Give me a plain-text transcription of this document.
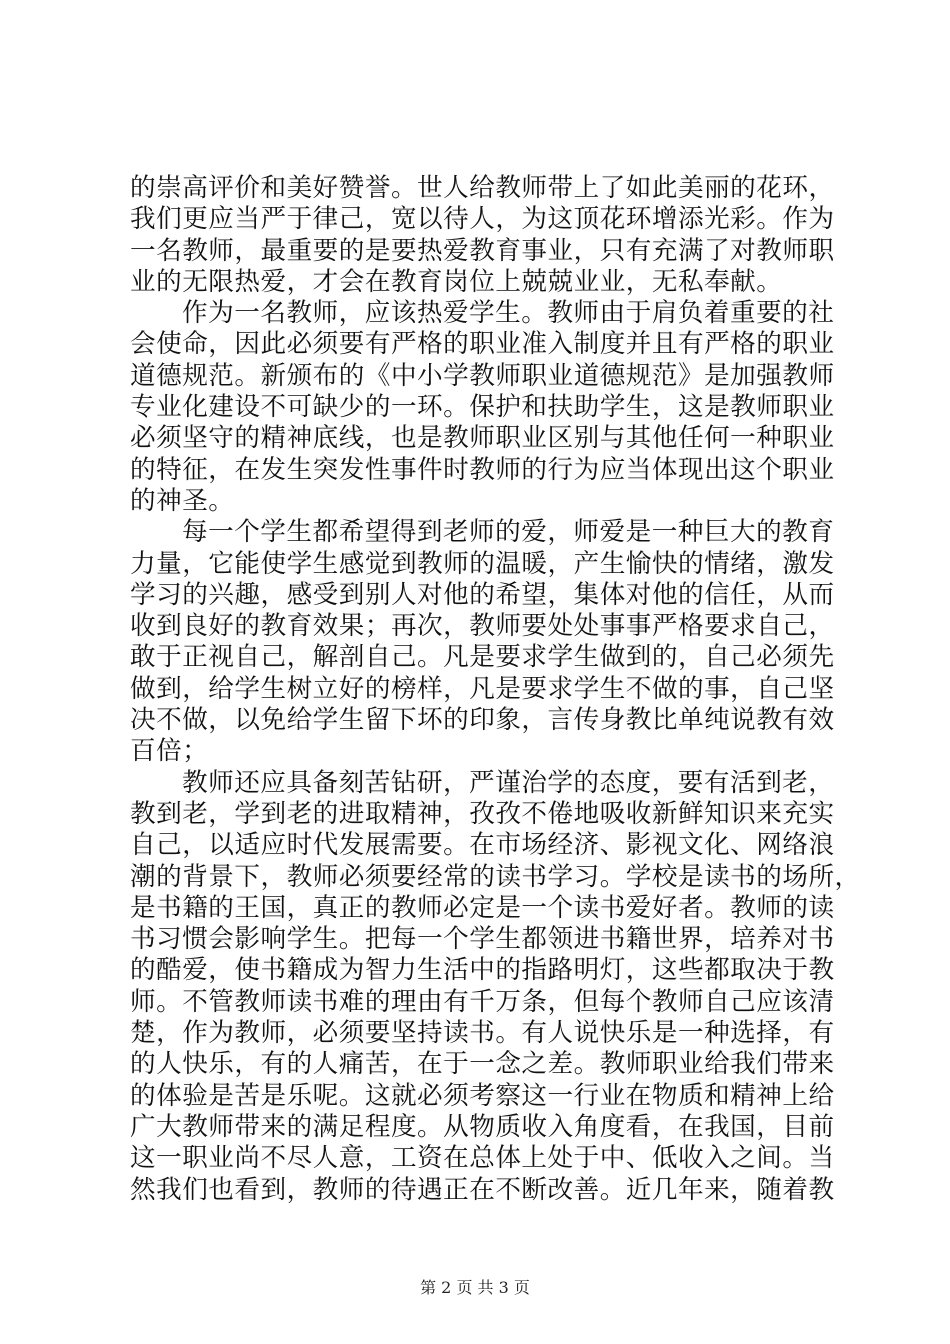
的崇高评价和美好赞誉。世人给教师带上了如此美丽的花环，
我们更应当严于律己，宽以待人，为这顶花环增添光彩。作为
一名教师，最重要的是要热爱教育事业，只有充满了对教师职
业的无限热爱，才会在教育岗位上兢兢业业，无私奉献。
作为一名教师，应该热爱学生。教师由于肩负着重要的社
会使命，因此必须要有严格的职业准入制度并且有严格的职业
道德规范。新颁布的《中小学教师职业道德规范》是加强教师
专业化建设不可缺少的一环。保护和扶助学生，这是教师职业
必须坚守的精神底线，也是教师职业区别与其他任何一种职业
的特征，在发生突发性事件时教师的行为应当体现出这个职业
的神圣。
每一个学生都希望得到老师的爱，师爱是一种巨大的教育
力量，它能使学生感觉到教师的温暖，产生愉快的情绪，激发
学习的兴趣，感受到别人对他的希望，集体对他的信任，从而
收到良好的教育效果；再次，教师要处处事事严格要求自己，
敢于正视自己，解剖自己。凡是要求学生做到的，自己必须先
做到，给学生树立好的榜样，凡是要求学生不做的事，自己坚
决不做，以免给学生留下坏的印象，言传身教比单纯说教有效
百倍；
教师还应具备刻苦钻研，严谨治学的态度，要有活到老，
教到老，学到老的进取精神，孜孜不倦地吸收新鲜知识来充实
自己，以适应时代发展需要。在市场经济、影视文化、网络浪
潮的背景下，教师必须要经常的读书学习。学校是读书的场所，
是书籍的王国，真正的教师必定是一个读书爱好者。教师的读
书习惯会影响学生。把每一个学生都领进书籍世界，培养对书
的酷爱，使书籍成为智力生活中的指路明灯，这些都取决于教
师。不管教师读书难的理由有千万条，但每个教师自己应该清
楚，作为教师，必须要坚持读书。有人说快乐是一种选择，有
的人快乐，有的人痛苦，在于一念之差。教师职业给我们带来
的体验是苦是乐呢。这就必须考察这一行业在物质和精神上给
广大教师带来的满足程度。从物质收入角度看，在我国，目前
这一职业尚不尽人意，工资在总体上处于中、低收入之间。当
然我们也看到，教师的待遇正在不断改善。近几年来，随着教
第 2 页 共 3 页
